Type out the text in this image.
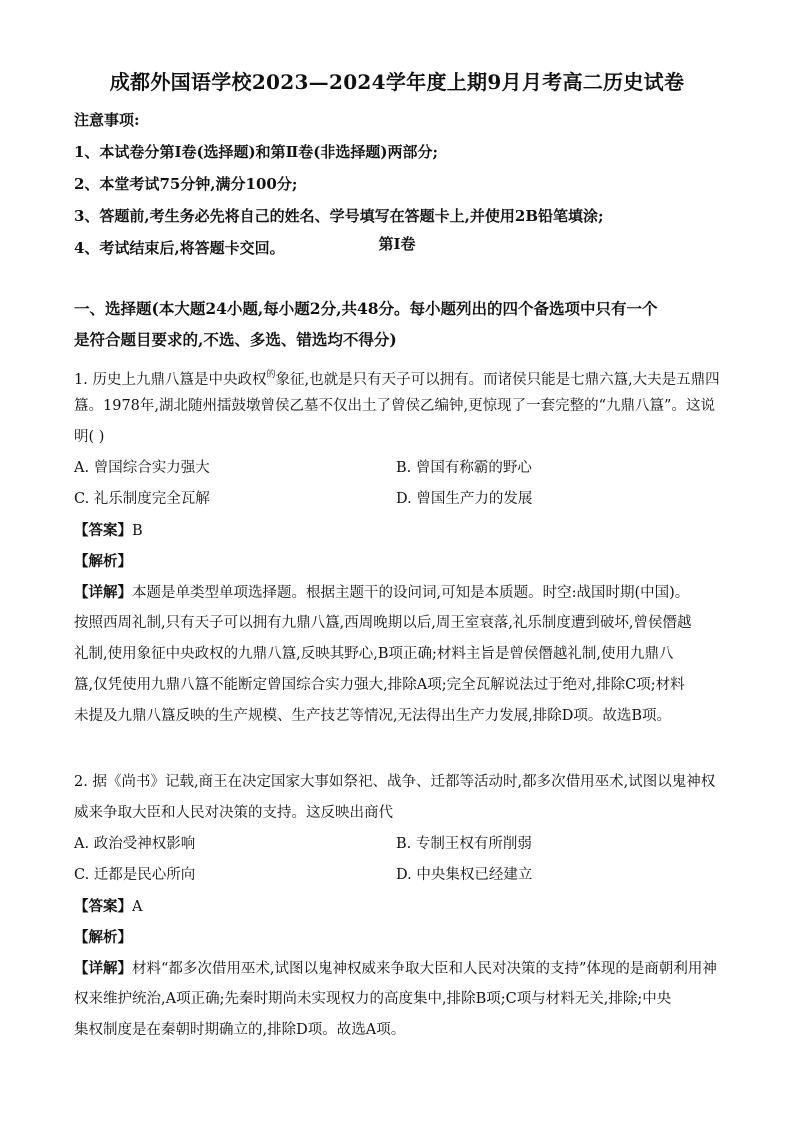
成都外国语学校2023—2024学年度上期9月月考高二历史试卷
注意事项:
1、本试卷分第Ⅰ卷(选择题)和第Ⅱ卷(非选择题)两部分;
2、本堂考试75分钟,满分100分;
3、答题前,考生务必先将自己的姓名、学号填写在答题卡上,并使用2B铅笔填涂;
4、考试结束后,将答题卡交回。	第Ⅰ卷
一、选择题(本大题24小题,每小题2分,共48分。每小题列出的四个备选项中只有一个
是符合题目要求的,不选、多选、错选均不得分)
1. 历史上九鼎八簋是中央政权$^的$象征,也就是只有天子可以拥有。而诸侯只能是七鼎六簋,大夫是五鼎四
簋。1978年,湖北随州擂鼓墩曾侯乙墓不仅出土了曾侯乙编钟,更惊现了一套完整的“九鼎八簋”。这说
明( )
A. 曾国综合实力强大	B. 曾国有称霸的野心
C. 礼乐制度完全瓦解	D. 曾国生产力的发展
【答案】B
【解析】
【详解】本题是单类型单项选择题。根据主题干的设问词,可知是本质题。时空:战国时期(中国)。
按照西周礼制,只有天子可以拥有九鼎八簋,西周晚期以后,周王室衰落,礼乐制度遭到破坏,曾侯僭越
礼制,使用象征中央政权的九鼎八簋,反映其野心,B项正确;材料主旨是曾侯僭越礼制,使用九鼎八
簋,仅凭使用九鼎八簋不能断定曾国综合实力强大,排除A项;完全瓦解说法过于绝对,排除C项;材料
未提及九鼎八簋反映的生产规模、生产技艺等情况,无法得出生产力发展,排除D项。故选B项。
2. 据《尚书》记载,商王在决定国家大事如祭祀、战争、迁都等活动时,都多次借用巫术,试图以鬼神权
威来争取大臣和人民对决策的支持。这反映出商代
A. 政治受神权影响	B. 专制王权有所削弱
C. 迁都是民心所向	D. 中央集权已经建立
【答案】A
【解析】
【详解】材料“都多次借用巫术,试图以鬼神权威来争取大臣和人民对决策的支持”体现的是商朝利用神
权来维护统治,A项正确;先秦时期尚未实现权力的高度集中,排除B项;C项与材料无关,排除;中央
集权制度是在秦朝时期确立的,排除D项。故选A项。
